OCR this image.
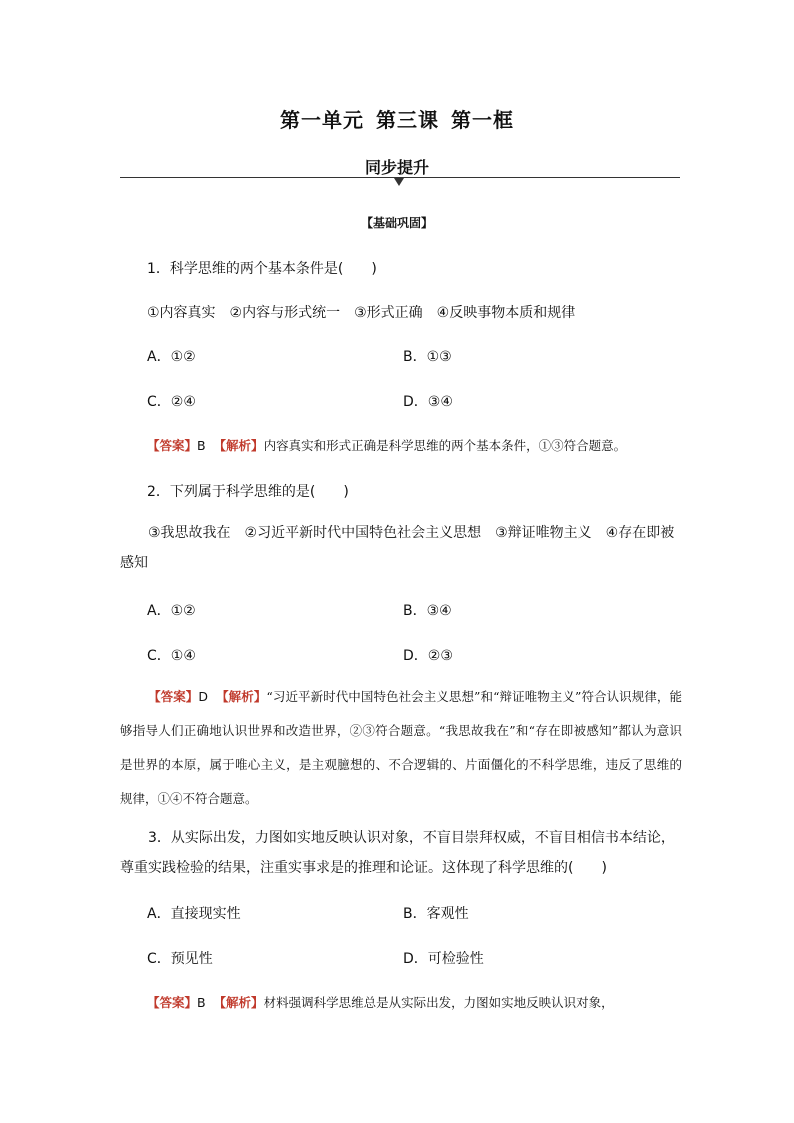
第一单元 第三课 第一框
同步提升
【基础巩固】
1．科学思维的两个基本条件是(　　)
①内容真实　②内容与形式统一　③形式正确　④反映事物本质和规律
A．①②	B．①③
C．②④	D．③④
【答案】B 【解析】内容真实和形式正确是科学思维的两个基本条件，①③符合题意。
2．下列属于科学思维的是(　　)
③我思故我在　②习近平新时代中国特色社会主义思想　③辩证唯物主义　④存在即被感知
A．①②	B．③④
C．①④	D．②③
【答案】D 【解析】“习近平新时代中国特色社会主义思想”和“辩证唯物主义”符合认识规律，能够指导人们正确地认识世界和改造世界，②③符合题意。“我思故我在”和“存在即被感知”都认为意识是世界的本原，属于唯心主义，是主观臆想的、不合逻辑的、片面僵化的不科学思维，违反了思维的规律，①④不符合题意。
3．从实际出发，力图如实地反映认识对象，不盲目崇拜权威，不盲目相信书本结论，尊重实践检验的结果，注重实事求是的推理和论证。这体现了科学思维的(　　)
A．直接现实性	B．客观性
C．预见性	D．可检验性
【答案】B 【解析】材料强调科学思维总是从实际出发，力图如实地反映认识对象，
